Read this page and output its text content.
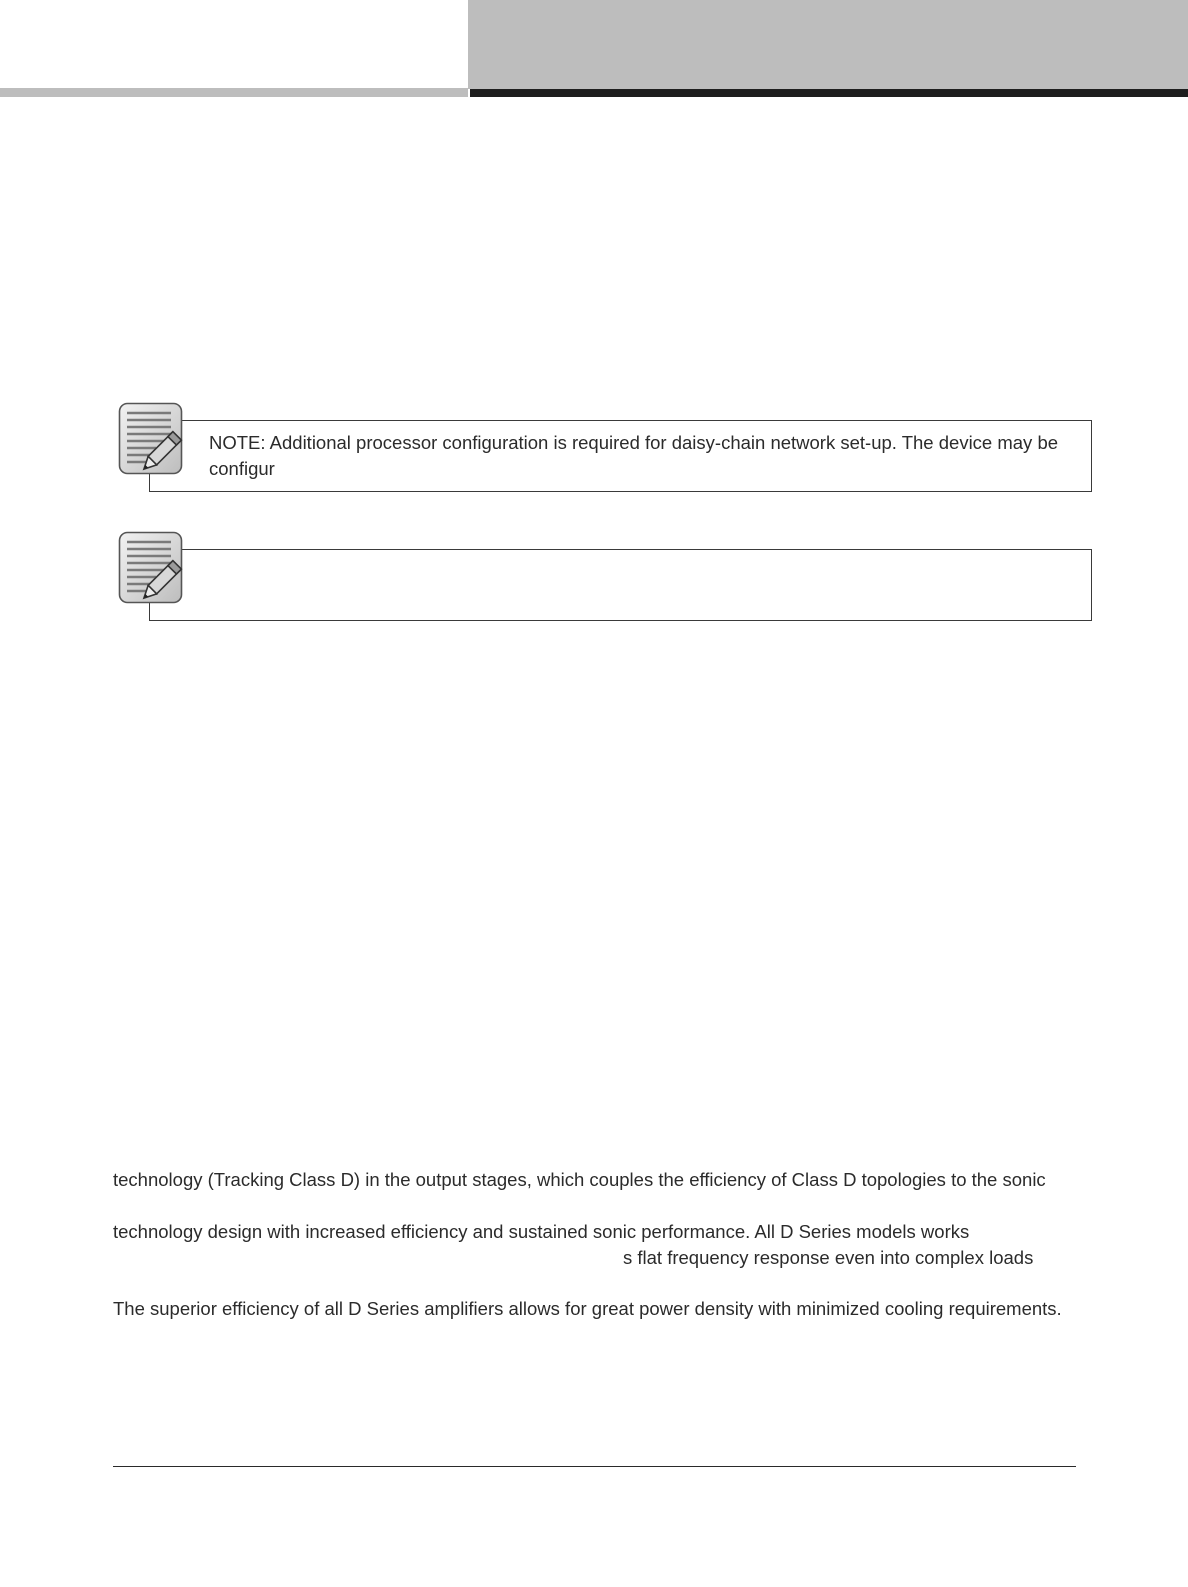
NOTE: Additional processor configuration is required for daisy-chain network set-up. The device may be configur
technology (Tracking Class D) in the output stages, which couples the efficiency of Class D topologies to the sonic
technology design with increased efficiency and sustained sonic performance. All D Series models works
s flat frequency response even into complex loads
The superior efficiency of all D Series amplifiers allows for great power density with minimized cooling requirements.
